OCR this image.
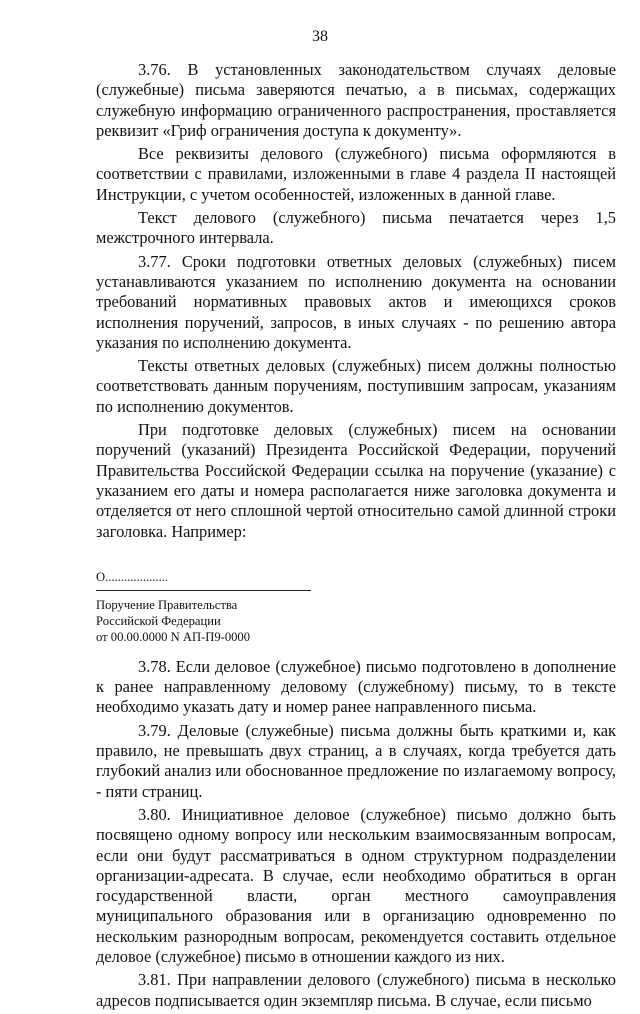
38

3.76. В установленных законодательством случаях деловые (служебные) письма заверяются печатью, а в письмах, содержащих служебную информацию ограниченного распространения, проставляется реквизит «Гриф ограничения доступа к документу».

Все реквизиты делового (служебного) письма оформляются в соответствии с правилами, изложенными в главе 4 раздела II настоящей Инструкции, с учетом особенностей, изложенных в данной главе.

Текст делового (служебного) письма печатается через 1,5 межстрочного интервала.

3.77. Сроки подготовки ответных деловых (служебных) писем устанавливаются указанием по исполнению документа на основании требований нормативных правовых актов и имеющихся сроков исполнения поручений, запросов, в иных случаях - по решению автора указания по исполнению документа.

Тексты ответных деловых (служебных) писем должны полностью соответствовать данным поручениям, поступившим запросам, указаниям по исполнению документов.

При подготовке деловых (служебных) писем на основании поручений (указаний) Президента Российской Федерации, поручений Правительства Российской Федерации ссылка на поручение (указание) с указанием его даты и номера располагается ниже заголовка документа и отделяется от него сплошной чертой относительно самой длинной строки заголовка. Например:

О....................
Поручение Правительства
Российской Федерации
от 00.00.0000 N АП-П9-0000

3.78. Если деловое (служебное) письмо подготовлено в дополнение к ранее направленному деловому (служебному) письму, то в тексте необходимо указать дату и номер ранее направленного письма.

3.79. Деловые (служебные) письма должны быть краткими и, как правило, не превышать двух страниц, а в случаях, когда требуется дать глубокий анализ или обоснованное предложение по излагаемому вопросу, - пяти страниц.

3.80. Инициативное деловое (служебное) письмо должно быть посвящено одному вопросу или нескольким взаимосвязанным вопросам, если они будут рассматриваться в одном структурном подразделении организации-адресата. В случае, если необходимо обратиться в орган государственной власти, орган местного самоуправления муниципального образования или в организацию одновременно по нескольким разнородным вопросам, рекомендуется составить отдельное деловое (служебное) письмо в отношении каждого из них.

3.81. При направлении делового (служебного) письма в несколько адресов подписывается один экземпляр письма. В случае, если письмо
